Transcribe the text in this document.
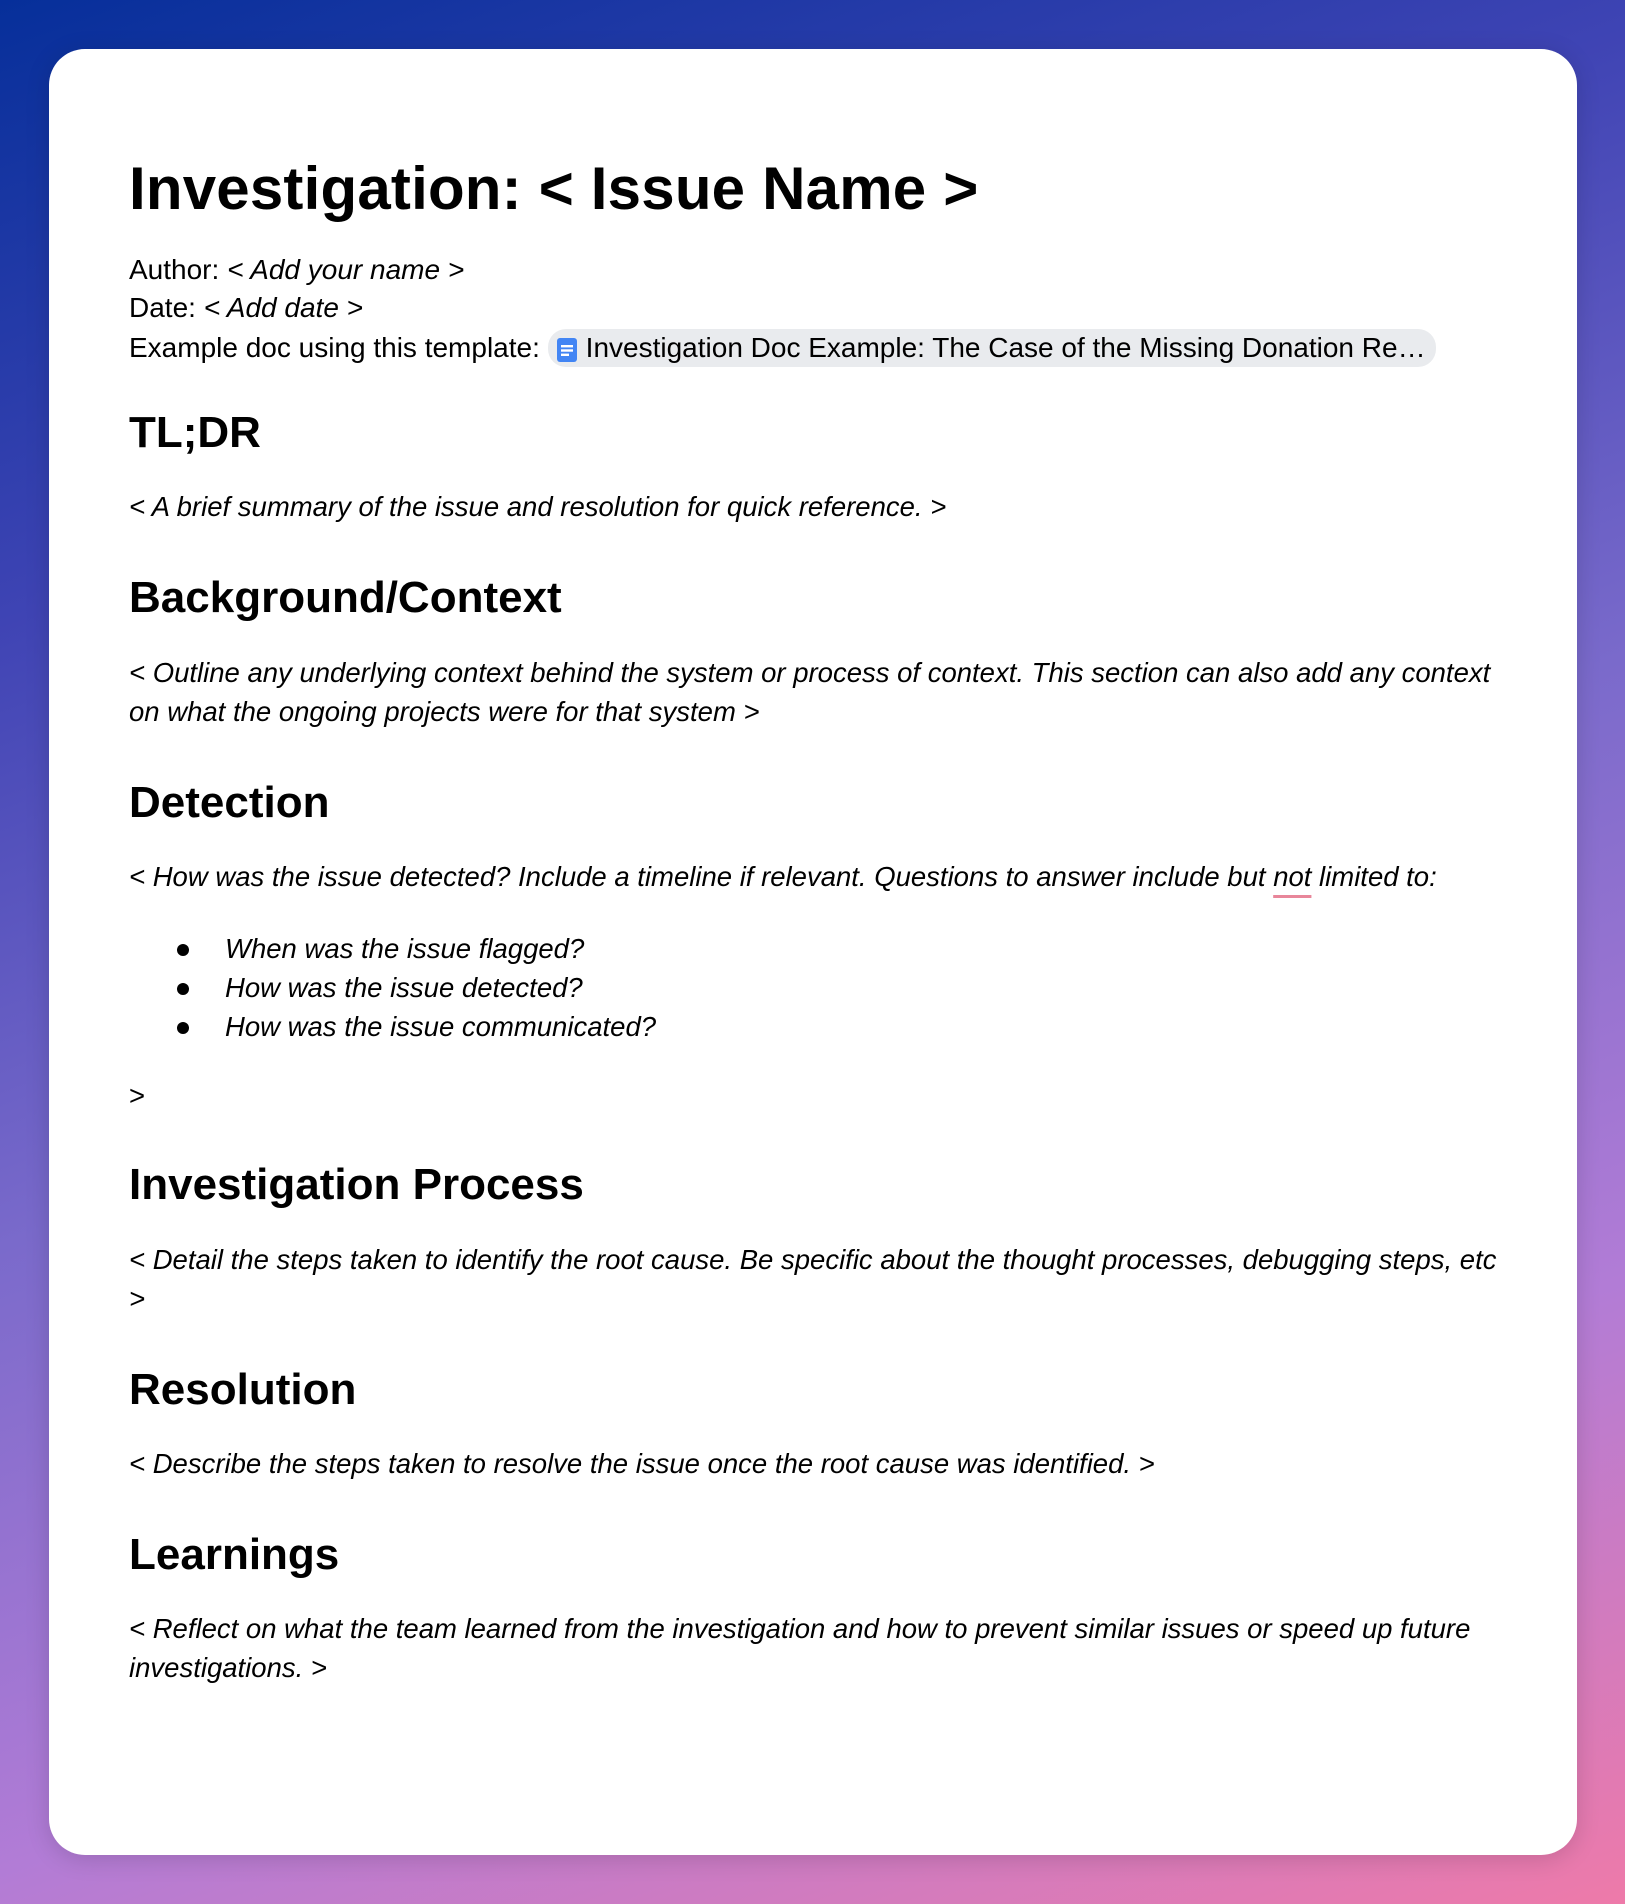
Investigation: < Issue Name >
Author: < Add your name >
Date: < Add date >
Example doc using this template: Investigation Doc Example: The Case of the Missing Donation Re…
TL;DR

< A brief summary of the issue and resolution for quick reference. >

Background/Context

< Outline any underlying context behind the system or process of context. This section can also add any context on what the ongoing projects were for that system >

Detection

< How was the issue detected? Include a timeline if relevant. Questions to answer include but not limited to:

When was the issue flagged?
How was the issue detected?
How was the issue communicated?

>

Investigation Process

< Detail the steps taken to identify the root cause. Be specific about the thought processes, debugging steps, etc >

Resolution

< Describe the steps taken to resolve the issue once the root cause was identified. >

Learnings

< Reflect on what the team learned from the investigation and how to prevent similar issues or speed up future investigations. >
